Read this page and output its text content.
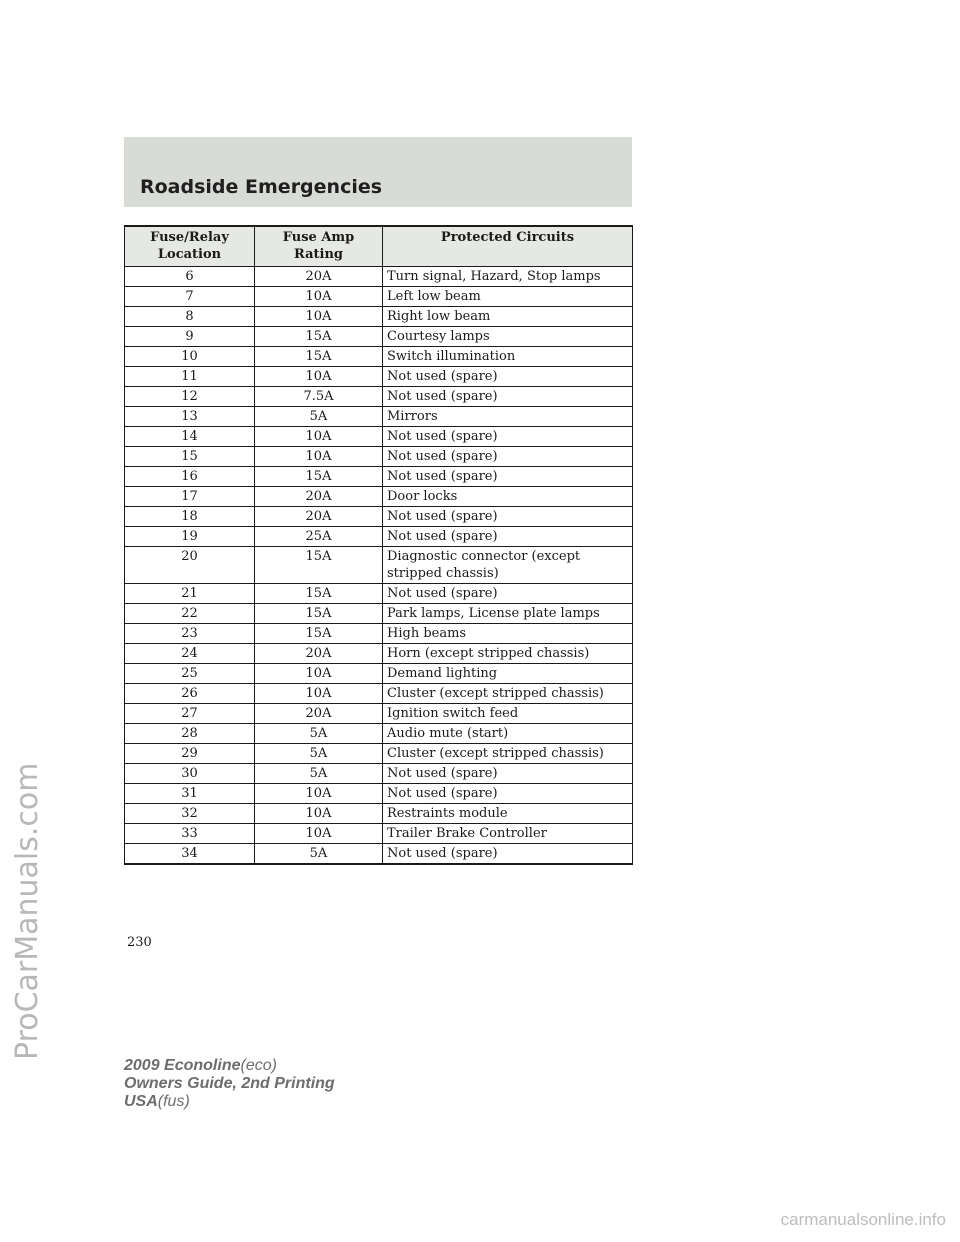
Roadside Emergencies
Fuse/Relay Location	Fuse Amp Rating	Protected Circuits
6	20A	Turn signal, Hazard, Stop lamps
7	10A	Left low beam
8	10A	Right low beam
9	15A	Courtesy lamps
10	15A	Switch illumination
11	10A	Not used (spare)
12	7.5A	Not used (spare)
13	5A	Mirrors
14	10A	Not used (spare)
15	10A	Not used (spare)
16	15A	Not used (spare)
17	20A	Door locks
18	20A	Not used (spare)
19	25A	Not used (spare)
20	15A	Diagnostic connector (except stripped chassis)
21	15A	Not used (spare)
22	15A	Park lamps, License plate lamps
23	15A	High beams
24	20A	Horn (except stripped chassis)
25	10A	Demand lighting
26	10A	Cluster (except stripped chassis)
27	20A	Ignition switch feed
28	5A	Audio mute (start)
29	5A	Cluster (except stripped chassis)
30	5A	Not used (spare)
31	10A	Not used (spare)
32	10A	Restraints module
33	10A	Trailer Brake Controller
34	5A	Not used (spare)
230
2009 Econoline(eco)
Owners Guide, 2nd Printing
USA(fus)
ProCarManuals.com
carmanualsonline.info
